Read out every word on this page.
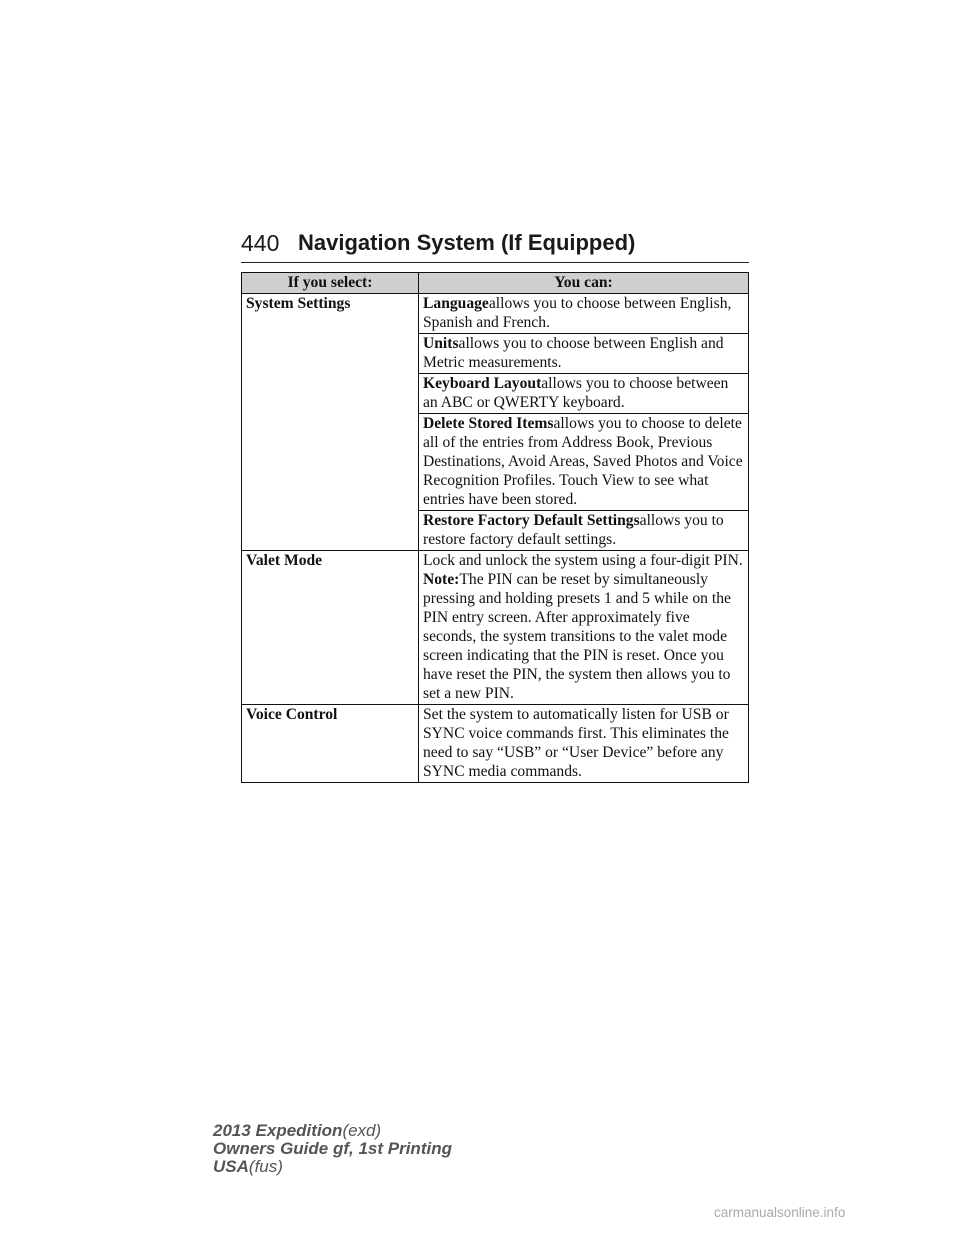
440 Navigation System (If Equipped)
If you select:	You can:
System Settings	Languageallows you to choose between English, Spanish and French.
	Unitsallows you to choose between English and Metric measurements.
	Keyboard Layoutallows you to choose between an ABC or QWERTY keyboard.
	Delete Stored Itemsallows you to choose to delete all of the entries from Address Book, Previous Destinations, Avoid Areas, Saved Photos and Voice Recognition Profiles. Touch View to see what entries have been stored.
	Restore Factory Default Settingsallows you to restore factory default settings.
Valet Mode	Lock and unlock the system using a four-digit PIN.
Note:The PIN can be reset by simultaneously pressing and holding presets 1 and 5 while on the PIN entry screen. After approximately five seconds, the system transitions to the valet mode screen indicating that the PIN is reset. Once you have reset the PIN, the system then allows you to set a new PIN.

Voice Control	Set the system to automatically listen for USB or SYNC voice commands first. This eliminates the need to say “USB” or “User Device” before any SYNC media commands.
2013 Expedition(exd)
Owners Guide gf, 1st Printing
USA(fus)
carmanualsonline.info
